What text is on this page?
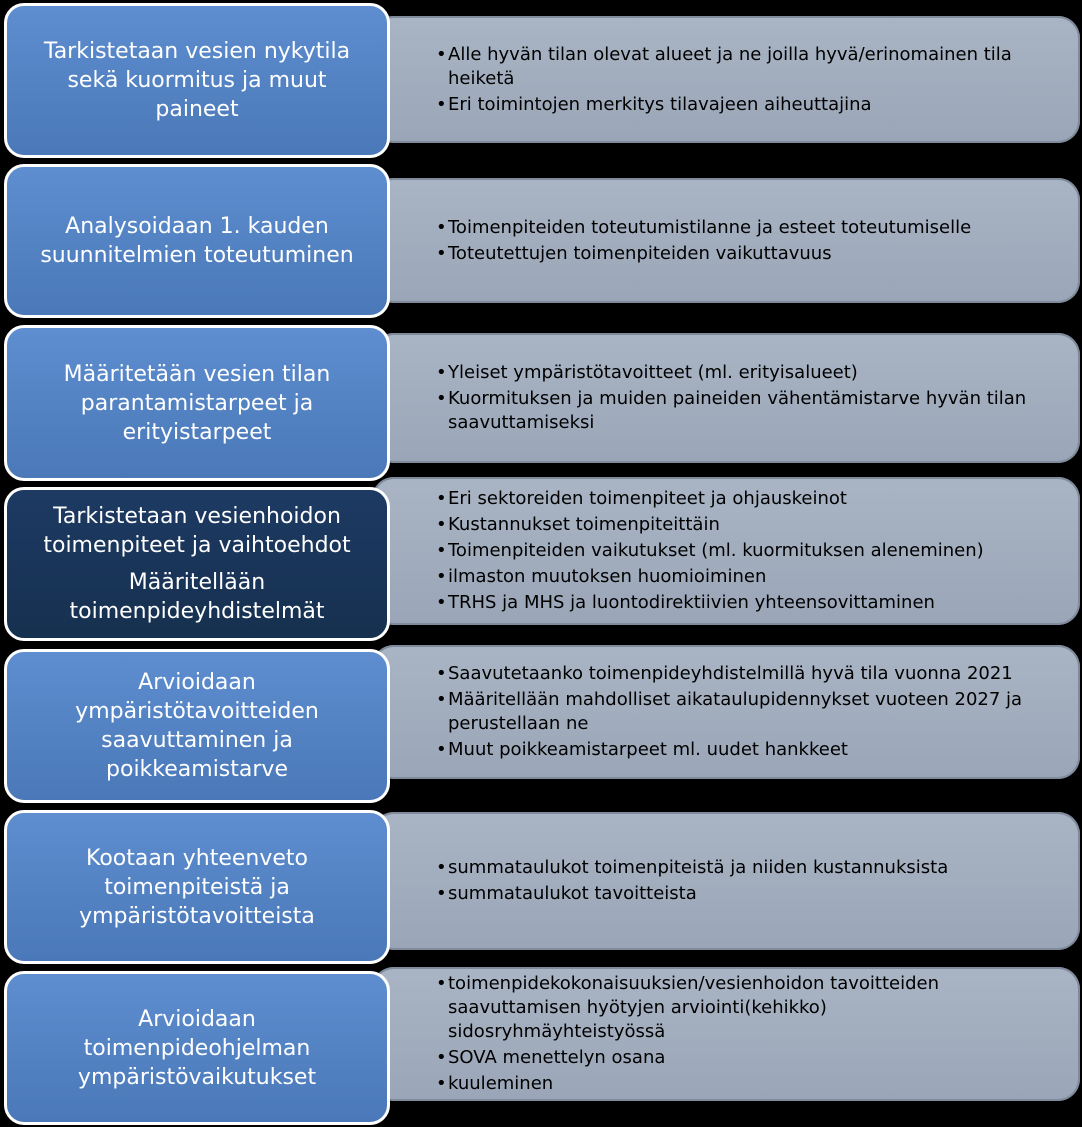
• Alle hyvän tilan olevat alueet ja ne joilla hyvä/erinomainen tila heiketä
• Eri toimintojen merkitys tilavajeen aiheuttajina
Tarkistetaan vesien nykytila sekä kuormitus ja muut paineet
• Toimenpiteiden toteutumistilanne ja esteet toteutumiselle
• Toteutettujen toimenpiteiden vaikuttavuus
Analysoidaan 1. kauden suunnitelmien toteutuminen
• Yleiset ympäristötavoitteet (ml. erityisalueet)
• Kuormituksen ja muiden paineiden vähentämistarve hyvän tilan saavuttamiseksi
Määritetään vesien tilan parantamistarpeet ja erityistarpeet
• Eri sektoreiden toimenpiteet ja ohjauskeinot
• Kustannukset toimenpiteittäin
• Toimenpiteiden vaikutukset (ml. kuormituksen aleneminen)
• ilmaston muutoksen huomioiminen
• TRHS ja MHS ja luontodirektiivien yhteensovittaminen
Tarkistetaan vesienhoidon toimenpiteet ja vaihtoehdot
Määritellään toimenpideyhdistelmät
• Saavutetaanko toimenpideyhdistelmillä hyvä tila vuonna 2021
• Määritellään mahdolliset aikataulupidennykset vuoteen 2027 ja perustellaan ne
• Muut poikkeamistarpeet ml. uudet hankkeet
Arvioidaan ympäristötavoitteiden saavuttaminen ja poikkeamistarve
• summataulukot toimenpiteistä ja niiden kustannuksista
• summataulukot tavoitteista
Kootaan yhteenveto toimenpiteistä ja ympäristötavoitteista
• toimenpidekokonaisuuksien/vesienhoidon tavoitteiden saavuttamisen hyötyjen arviointi(kehikko) sidosryhmäyhteistyössä
• SOVA menettelyn osana
• kuuleminen
Arvioidaan toimenpideohjelman ympäristövaikutukset
